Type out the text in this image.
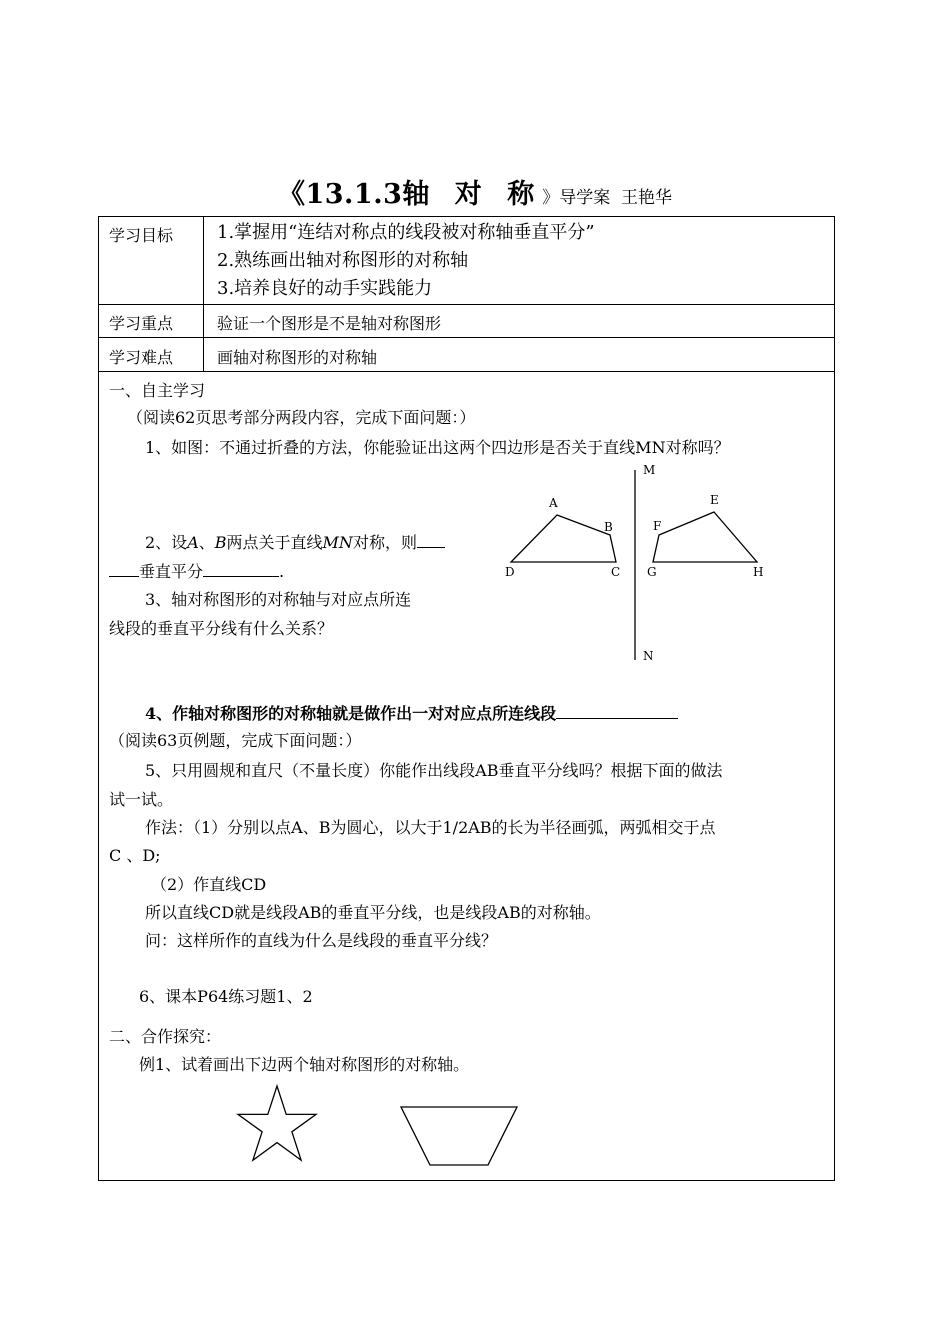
《13.1.3轴 对 称》导学案 王艳华
学习目标 1.掌握用“连结对称点的线段被对称轴垂直平分”
2.熟练画出轴对称图形的对称轴
3.培养良好的动手实践能力
学习重点	验证一个图形是不是轴对称图形
学习难点	画轴对称图形的对称轴
一、自主学习
（阅读62页思考部分两段内容，完成下面问题：）
1、如图：不通过折叠的方法，你能验证出这两个四边形是否关于直线MN对称吗？
2、设A、B两点关于直线MN对称，则
垂直平分	.
3、轴对称图形的对称轴与对应点所连
线段的垂直平分线有什么关系？
M
N
A
B
C
D
E
F
G	H
4、作轴对称图形的对称轴就是做作出一对对应点所连线段
（阅读63页例题，完成下面问题：）
5、只用圆规和直尺（不量长度）你能作出线段AB垂直平分线吗？根据下面的做法
试一试。
作法：（1）分别以点A、B为圆心，以大于1/2AB的长为半径画弧，两弧相交于点
C 、D;
（2）作直线CD
所以直线CD就是线段AB的垂直平分线，也是线段AB的对称轴。
问：这样所作的直线为什么是线段的垂直平分线？
6、课本P64练习题1、2
二、合作探究：
例1、试着画出下边两个轴对称图形的对称轴。
